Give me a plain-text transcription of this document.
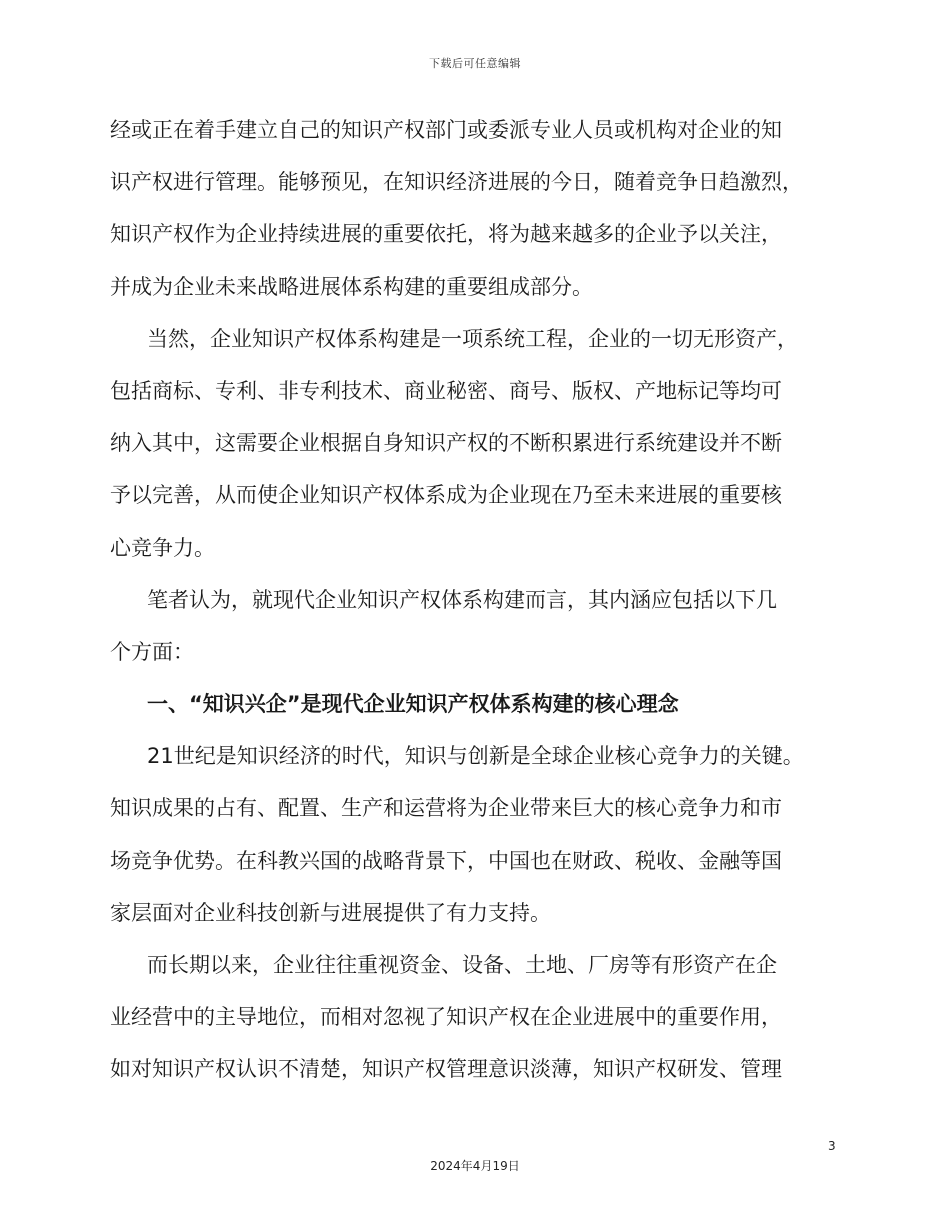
下载后可任意编辑
经或正在着手建立自己的知识产权部门或委派专业人员或机构对企业的知
识产权进行管理。能够预见，在知识经济进展的今日，随着竞争日趋激烈，
知识产权作为企业持续进展的重要依托，将为越来越多的企业予以关注，
并成为企业未来战略进展体系构建的重要组成部分。
当然，企业知识产权体系构建是一项系统工程，企业的一切无形资产，
包括商标、专利、非专利技术、商业秘密、商号、版权、产地标记等均可
纳入其中，这需要企业根据自身知识产权的不断积累进行系统建设并不断
予以完善，从而使企业知识产权体系成为企业现在乃至未来进展的重要核
心竞争力。
笔者认为，就现代企业知识产权体系构建而言，其内涵应包括以下几
个方面：
一、“知识兴企”是现代企业知识产权体系构建的核心理念
21世纪是知识经济的时代，知识与创新是全球企业核心竞争力的关键。
知识成果的占有、配置、生产和运营将为企业带来巨大的核心竞争力和市
场竞争优势。在科教兴国的战略背景下，中国也在财政、税收、金融等国
家层面对企业科技创新与进展提供了有力支持。
而长期以来，企业往往重视资金、设备、土地、厂房等有形资产在企
业经营中的主导地位，而相对忽视了知识产权在企业进展中的重要作用，
如对知识产权认识不清楚，知识产权管理意识淡薄，知识产权研发、管理
3
2024年4月19日
